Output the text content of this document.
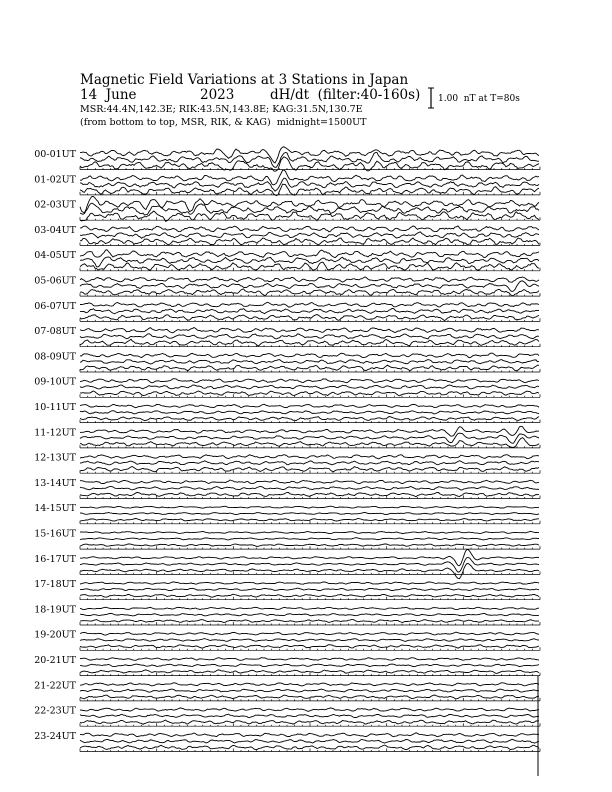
Magnetic Field Variations at 3 Stations in Japan
14  June	2023	dH/dt  (filter:40-160s)
MSR:44.4N,142.3E; RIK:43.5N,143.8E; KAG:31.5N,130.7E
(from bottom to top, MSR, RIK, & KAG) midnight=1500UT
1.00  nT at T=80s
00-01UT
01-02UT
02-03UT
03-04UT
04-05UT
05-06UT
06-07UT
07-08UT
08-09UT
09-10UT
10-11UT
11-12UT
12-13UT
13-14UT
14-15UT
15-16UT
16-17UT
17-18UT
18-19UT
19-20UT
20-21UT
21-22UT
22-23UT
23-24UT
